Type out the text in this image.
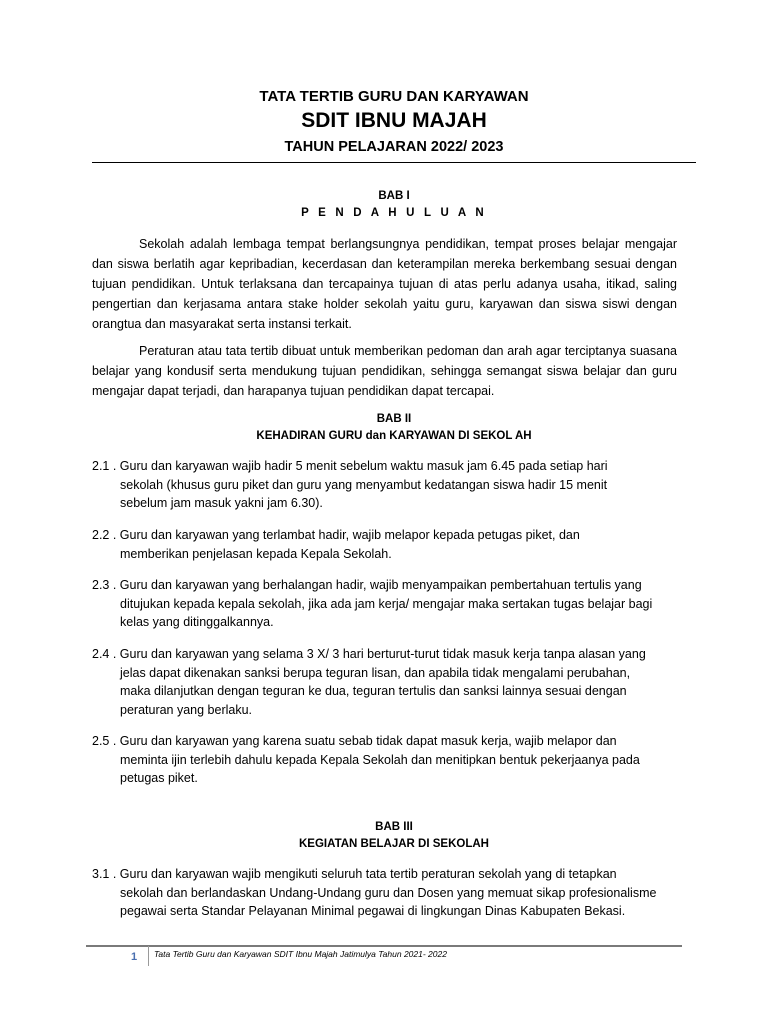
TATA TERTIB GURU DAN KARYAWAN
SDIT IBNU MAJAH
TAHUN PELAJARAN 2022/ 2023
BAB I
P E N D A H U L U A N
Sekolah adalah lembaga tempat berlangsungnya pendidikan, tempat proses belajar mengajar dan siswa berlatih agar kepribadian, kecerdasan dan keterampilan mereka berkembang sesuai dengan tujuan pendidikan. Untuk terlaksana dan tercapainya tujuan di atas perlu adanya usaha, itikad, saling pengertian dan kerjasama antara stake holder sekolah yaitu guru, karyawan dan siswa siswi dengan orangtua dan masyarakat serta instansi terkait.
Peraturan atau tata tertib dibuat untuk memberikan pedoman dan arah agar terciptanya suasana belajar yang kondusif serta mendukung tujuan pendidikan, sehingga semangat siswa belajar dan guru mengajar dapat terjadi, dan harapanya tujuan pendidikan dapat tercapai.
BAB II
KEHADIRAN GURU dan KARYAWAN DI SEKOL AH
2.1 . Guru dan karyawan wajib hadir 5 menit sebelum waktu masuk jam 6.45 pada setiap hari
sekolah (khusus guru piket dan guru yang menyambut kedatangan siswa hadir 15 menit
sebelum jam masuk yakni jam 6.30).
2.2 . Guru dan karyawan yang terlambat hadir, wajib melapor kepada petugas piket, dan
memberikan penjelasan kepada Kepala Sekolah.
2.3 . Guru dan karyawan yang berhalangan hadir, wajib menyampaikan pembertahuan tertulis yang
ditujukan kepada kepala sekolah, jika ada jam kerja/ mengajar maka sertakan tugas belajar bagi
kelas yang ditinggalkannya.
2.4 . Guru dan karyawan yang selama 3 X/ 3 hari berturut-turut tidak masuk kerja tanpa alasan yang
jelas dapat dikenakan sanksi berupa teguran lisan, dan apabila tidak mengalami perubahan,
maka dilanjutkan dengan teguran ke dua, teguran tertulis dan sanksi lainnya sesuai dengan
peraturan yang berlaku.
2.5 . Guru dan karyawan yang karena suatu sebab tidak dapat masuk kerja, wajib melapor dan
meminta ijin terlebih dahulu kepada Kepala Sekolah dan menitipkan bentuk pekerjaanya pada
petugas piket.
BAB III
KEGIATAN BELAJAR DI SEKOLAH
3.1 . Guru dan karyawan wajib mengikuti seluruh tata tertib peraturan sekolah yang di tetapkan
sekolah dan berlandaskan Undang-Undang guru dan Dosen yang memuat sikap profesionalisme
pegawai serta Standar Pelayanan Minimal pegawai di lingkungan Dinas Kabupaten Bekasi.
1 Tata Tertib Guru dan Karyawan SDIT Ibnu Majah Jatimulya Tahun 2021- 2022
